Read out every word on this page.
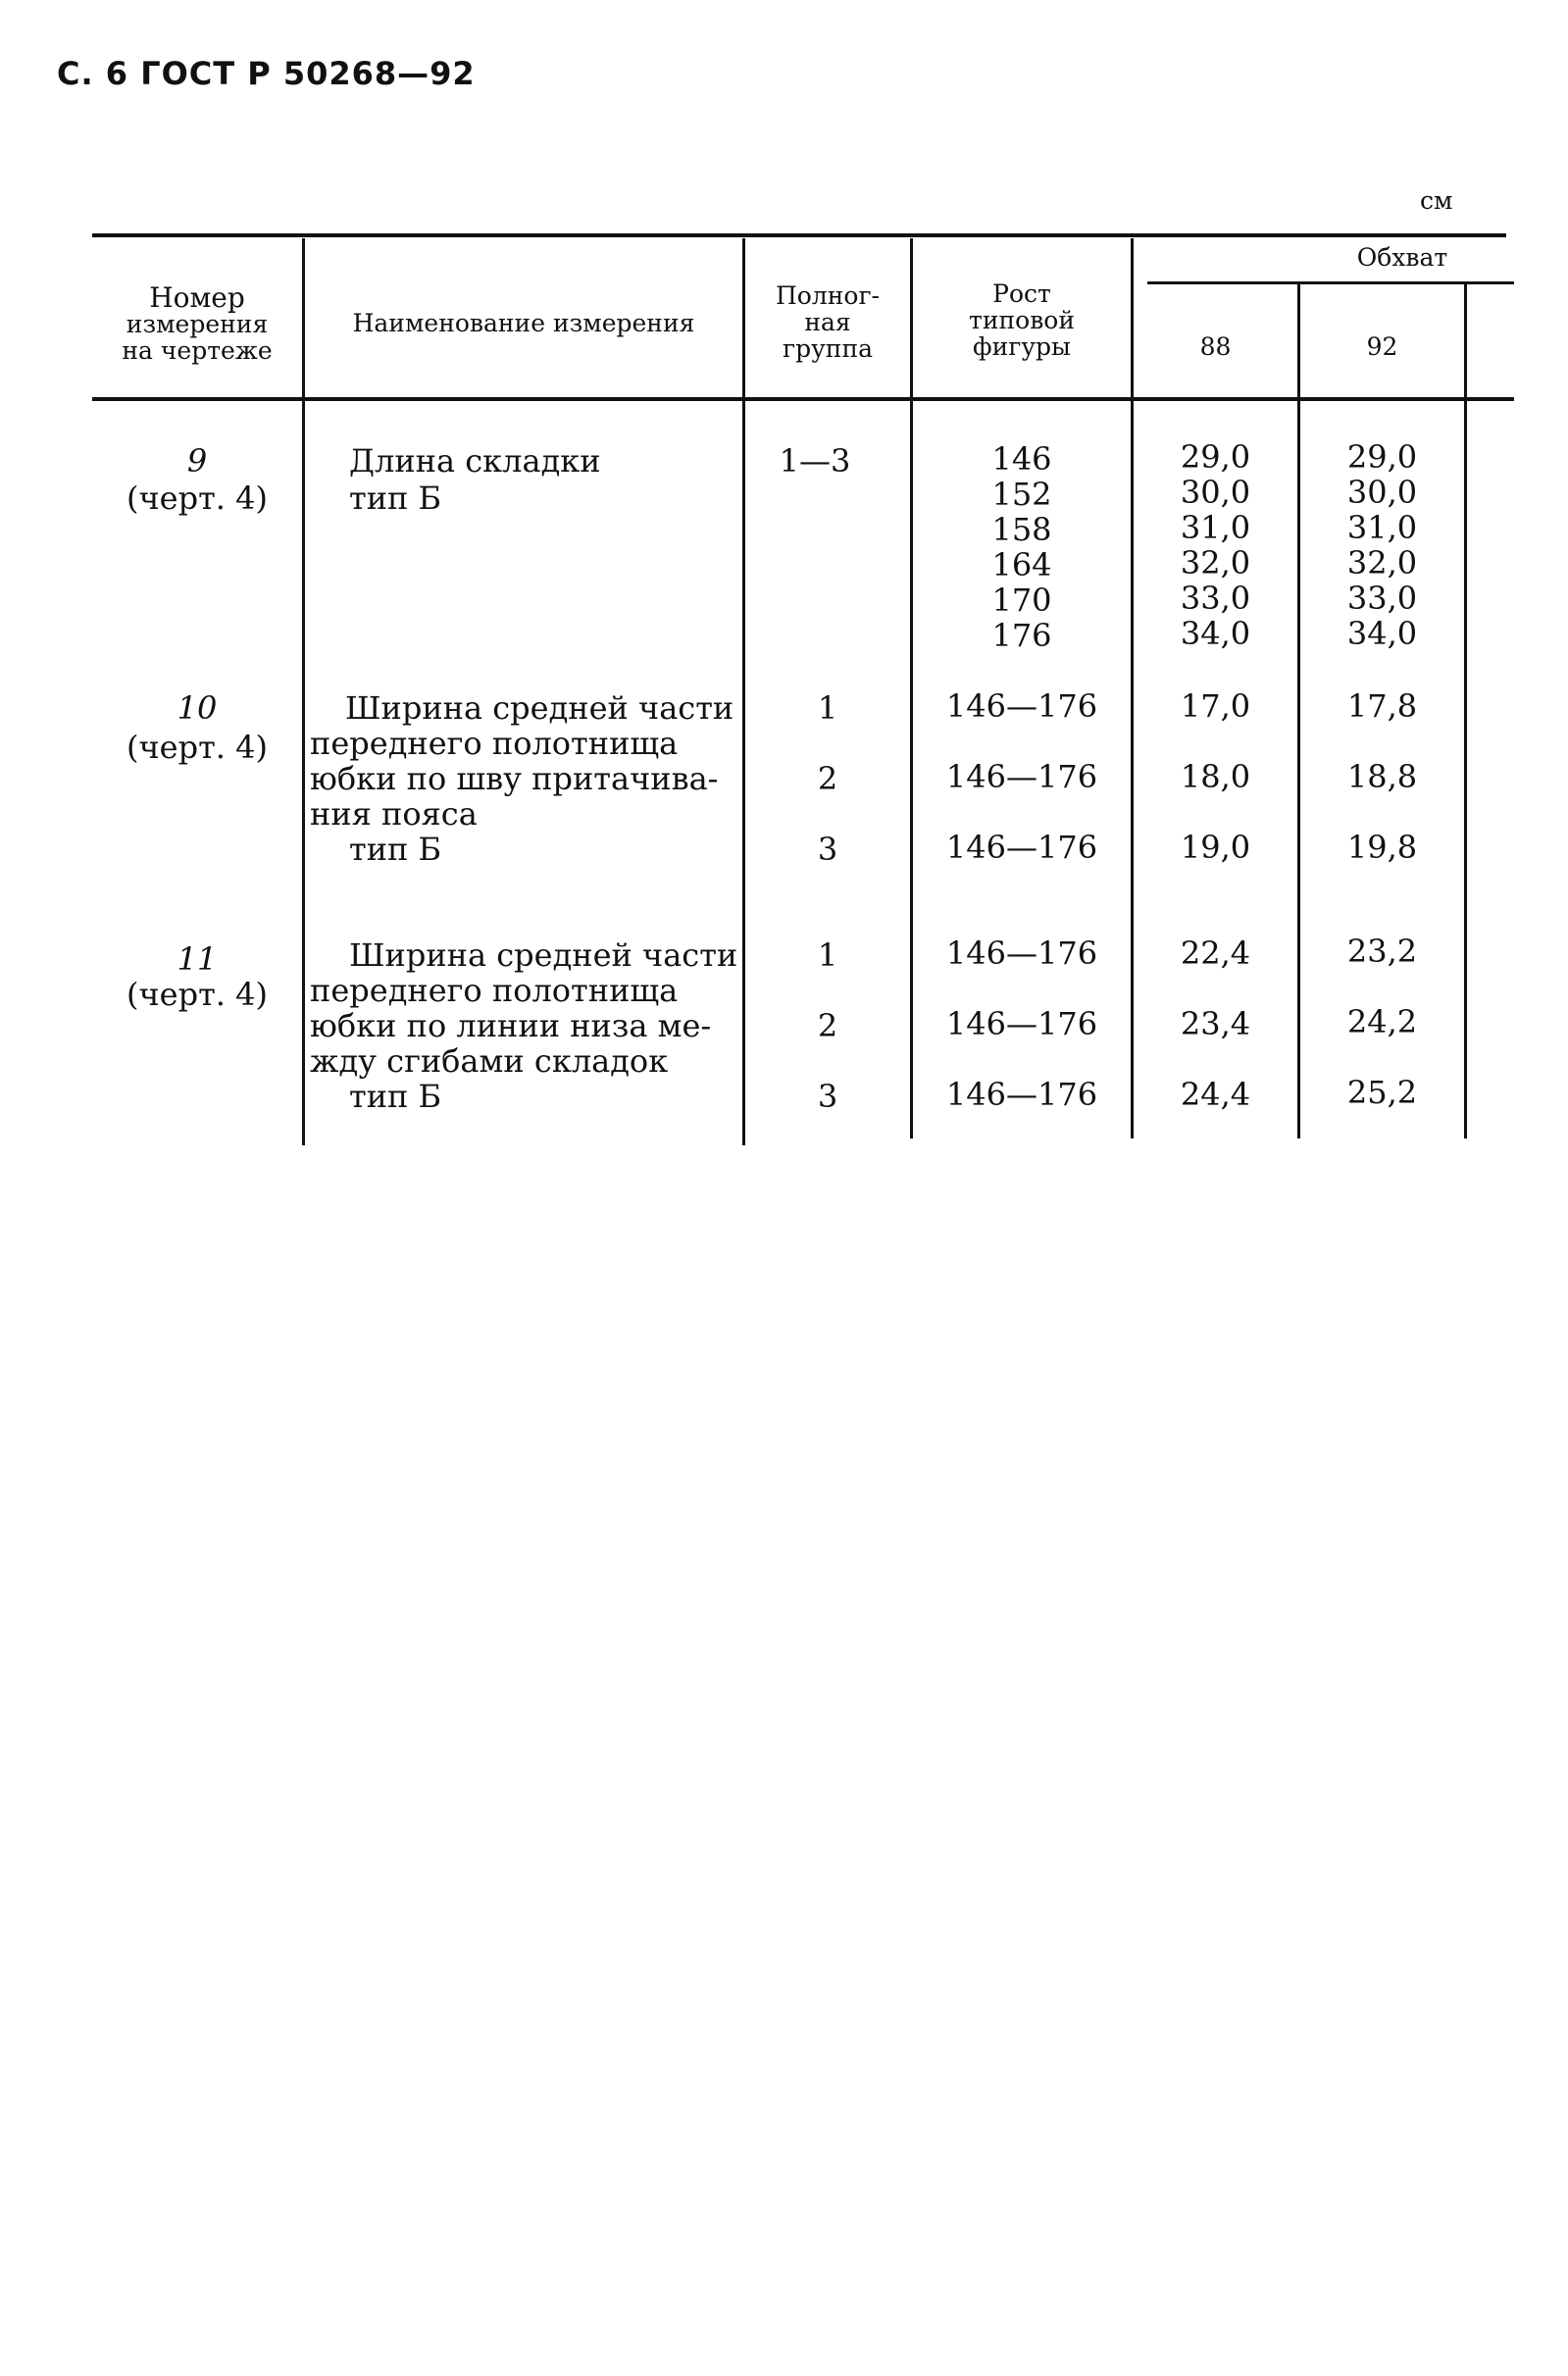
С. 6 ГОСТ Р 50268—92
см
Номер
измерения
на чертеже
Наименование измерения
Полног-
ная
группа
Рост
типовой
фигуры
Обхват
88	92
9
(черт. 4)
Длина складки
тип Б
1—3	146
152
158
164
170
176
29,0
30,0
31,0
32,0
33,0
34,0
29,0
30,0
31,0
32,0
33,0
34,0
10
(черт. 4)
Ширина средней части
переднего полотнища
юбки по шву притачива-
ния пояса
тип Б
1
2
3
146—176
146—176
146—176
17,0
18,0
19,0
17,8
18,8
19,8
11
(черт. 4)
Ширина средней части
переднего полотнища
юбки по линии низа ме-
жду сгибами складок
тип Б
1
2
3
146—176
146—176
146—176
22,4
23,4
24,4
23,2
24,2
25,2
